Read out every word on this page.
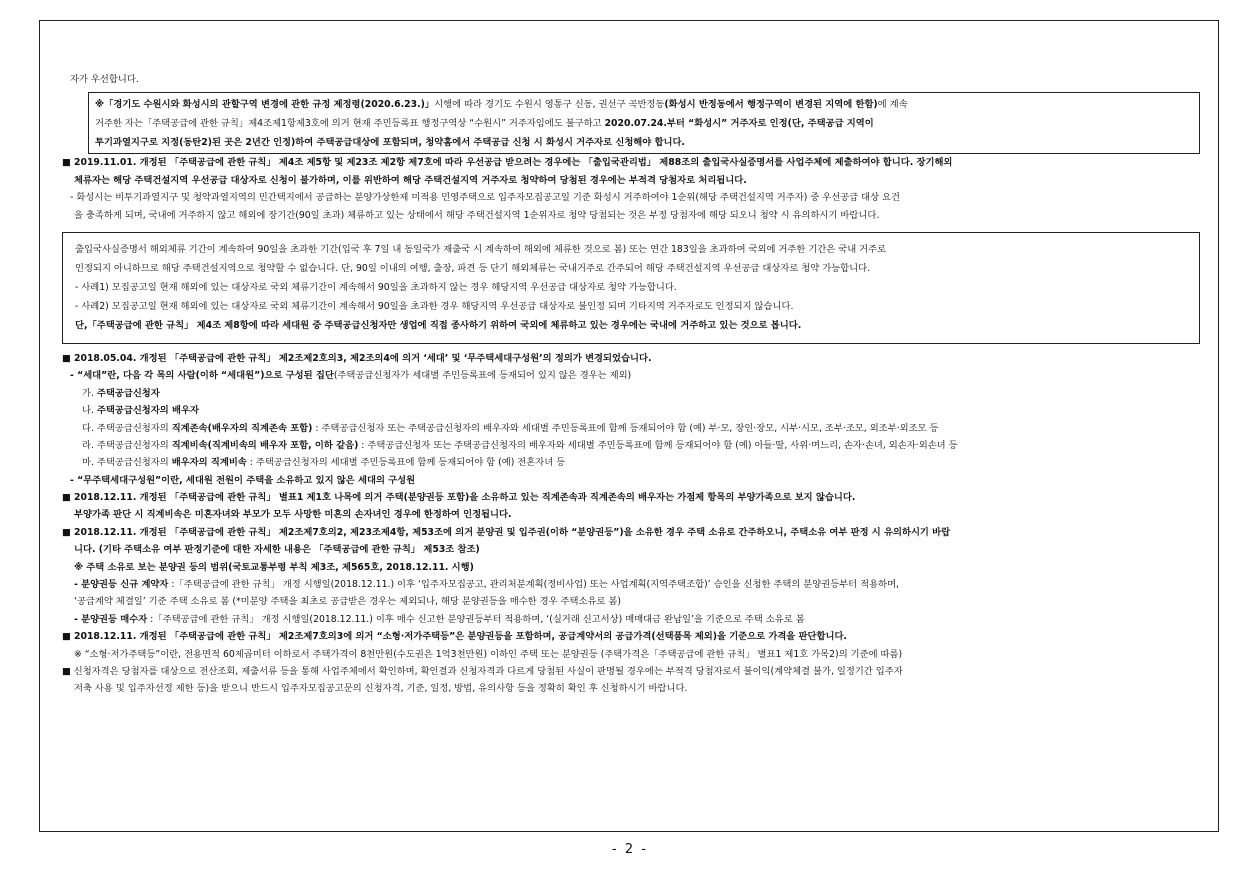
자가 우선합니다.
※「경기도 수원시와 화성시의 관할구역 변경에 관한 규정 제정령(2020.6.23.)」시행에 따라 경기도 수원시 영통구 신동, 권선구 곡반정동(화성시 반정동에서 행정구역이 변경된 지역에 한함)에 계속
거주한 자는「주택공급에 관한 규칙」제4조제1항제3호에 의거 현재 주민등록표 행정구역상 “수원시” 거주자임에도 불구하고 2020.07.24.부터 “화성시” 거주자로 인정(단, 주택공급 지역이
투기과열지구로 지정(동탄2)된 곳은 2년간 인정)하여 주택공급대상에 포함되며, 청약홈에서 주택공급 신청 시 화성시 거주자로 신청해야 합니다.
■ 2019.11.01. 개정된 「주택공급에 관한 규칙」 제4조 제5항 및 제23조 제2항 제7호에 따라 우선공급 받으려는 경우에는 「출입국관리법」 제88조의 출입국사실증명서를 사업주체에 제출하여야 합니다. 장기해외
체류자는 해당 주택건설지역 우선공급 대상자로 신청이 불가하며, 이를 위반하여 해당 주택건설지역 거주자로 청약하여 당첨된 경우에는 부적격 당첨자로 처리됩니다.
- 화성시는 비투기과열지구 및 청약과열지역의 민간택지에서 공급하는 분양가상한제 미적용 민영주택으로 입주자모집공고일 기준 화성시 거주하여야 1순위(해당 주택건설지역 거주자) 중 우선공급 대상 요건
을 충족하게 되며, 국내에 거주하지 않고 해외에 장기간(90일 초과) 체류하고 있는 상태에서 해당 주택건설지역 1순위자로 청약 당첨되는 것은 부정 당첨자에 해당 되오니 청약 시 유의하시기 바랍니다.
출입국사실증명서 해외체류 기간이 계속하여 90일을 초과한 기간(입국 후 7일 내 동일국가 재출국 시 계속하여 해외에 체류한 것으로 봄) 또는 연간 183일을 초과하여 국외에 거주한 기간은 국내 거주로
인정되지 아니하므로 해당 주택건설지역으로 청약할 수 없습니다. 단, 90일 이내의 여행, 출장, 파견 등 단기 해외체류는 국내거주로 간주되어 해당 주택건설지역 우선공급 대상자로 청약 가능합니다.
- 사례1) 모집공고일 현재 해외에 있는 대상자로 국외 체류기간이 계속해서 90일을 초과하지 않는 경우 해당지역 우선공급 대상자로 청약 가능합니다.
- 사례2) 모집공고일 현재 해외에 있는 대상자로 국외 체류기간이 계속해서 90일을 초과한 경우 해당지역 우선공급 대상자로 불인정 되며 기타지역 거주자로도 인정되지 않습니다.
단,「주택공급에 관한 규칙」 제4조 제8항에 따라 세대원 중 주택공급신청자만 생업에 직접 종사하기 위하여 국외에 체류하고 있는 경우에는 국내에 거주하고 있는 것으로 봅니다.
■ 2018.05.04. 개정된 「주택공급에 관한 규칙」 제2조제2호의3, 제2조의4에 의거 ‘세대’ 및 ‘무주택세대구성원’의 정의가 변경되었습니다.
- “세대”란, 다음 각 목의 사람(이하 “세대원”)으로 구성된 집단(주택공급신청자가 세대별 주민등록표에 등재되어 있지 않은 경우는 제외)
가. 주택공급신청자
나. 주택공급신청자의 배우자
다. 주택공급신청자의 직계존속(배우자의 직계존속 포함) : 주택공급신청자 또는 주택공급신청자의 배우자와 세대별 주민등록표에 함께 등재되어야 함 (예) 부·모, 장인·장모, 시부·시모, 조부·조모, 외조부·외조모 등
라. 주택공급신청자의 직계비속(직계비속의 배우자 포함, 이하 같음) : 주택공급신청자 또는 주택공급신청자의 배우자와 세대별 주민등록표에 함께 등재되어야 함 (예) 아들·딸, 사위·며느리, 손자·손녀, 외손자·외손녀 등
마. 주택공급신청자의 배우자의 직계비속 : 주택공급신청자의 세대별 주민등록표에 함께 등재되어야 함 (예) 전혼자녀 등
- “무주택세대구성원”이란, 세대원 전원이 주택을 소유하고 있지 않은 세대의 구성원
■ 2018.12.11. 개정된 「주택공급에 관한 규칙」 별표1 제1호 나목에 의거 주택(분양권등 포함)을 소유하고 있는 직계존속과 직계존속의 배우자는 가점제 항목의 부양가족으로 보지 않습니다.
부양가족 판단 시 직계비속은 미혼자녀와 부모가 모두 사망한 미혼의 손자녀인 경우에 한정하여 인정됩니다.
■ 2018.12.11. 개정된 「주택공급에 관한 규칙」 제2조제7호의2, 제23조제4항, 제53조에 의거 분양권 및 입주권(이하 “분양권등”)을 소유한 경우 주택 소유로 간주하오니, 주택소유 여부 판정 시 유의하시기 바랍
니다. (기타 주택소유 여부 판정기준에 대한 자세한 내용은 「주택공급에 관한 규칙」 제53조 참조)
※ 주택 소유로 보는 분양권 등의 범위(국토교통부령 부칙 제3조, 제565호, 2018.12.11. 시행)
- 분양권등 신규 계약자 :「주택공급에 관한 규칙」 개정 시행일(2018.12.11.) 이후 ‘입주자모집공고, 관리처분계획(정비사업) 또는 사업계획(지역주택조합)’ 승인을 신청한 주택의 분양권등부터 적용하며,
‘공급계약 체결일’ 기준 주택 소유로 봄 (*미분양 주택을 최초로 공급받은 경우는 제외되나, 해당 분양권등을 매수한 경우 주택소유로 봄)
- 분양권등 매수자 :「주택공급에 관한 규칙」 개정 시행일(2018.12.11.) 이후 매수 신고한 분양권등부터 적용하며, ‘(실거래 신고서상) 매매대금 완납일’을 기준으로 주택 소유로 봄
■ 2018.12.11. 개정된 「주택공급에 관한 규칙」 제2조제7호의3에 의거 “소형·저가주택등”은 분양권등을 포함하며, 공급계약서의 공급가격(선택품목 제외)을 기준으로 가격을 판단합니다.
※ “소형·저가주택등”이란, 전용면적 60제곱미터 이하로서 주택가격이 8천만원(수도권은 1억3천만원) 이하인 주택 또는 분양권등 (주택가격은「주택공급에 관한 규칙」 별표1 제1호 가목2)의 기준에 따름)
■ 신청자격은 당첨자를 대상으로 전산조회, 제출서류 등을 통해 사업주체에서 확인하며, 확인결과 신청자격과 다르게 당첨된 사실이 판명될 경우에는 부적격 당첨자로서 불이익(계약체결 불가, 일정기간 입주자
저축 사용 및 입주자선정 제한 등)을 받으니 반드시 입주자모집공고문의 신청자격, 기준, 일정, 방법, 유의사항 등을 정확히 확인 후 신청하시기 바랍니다.
- 2 -
